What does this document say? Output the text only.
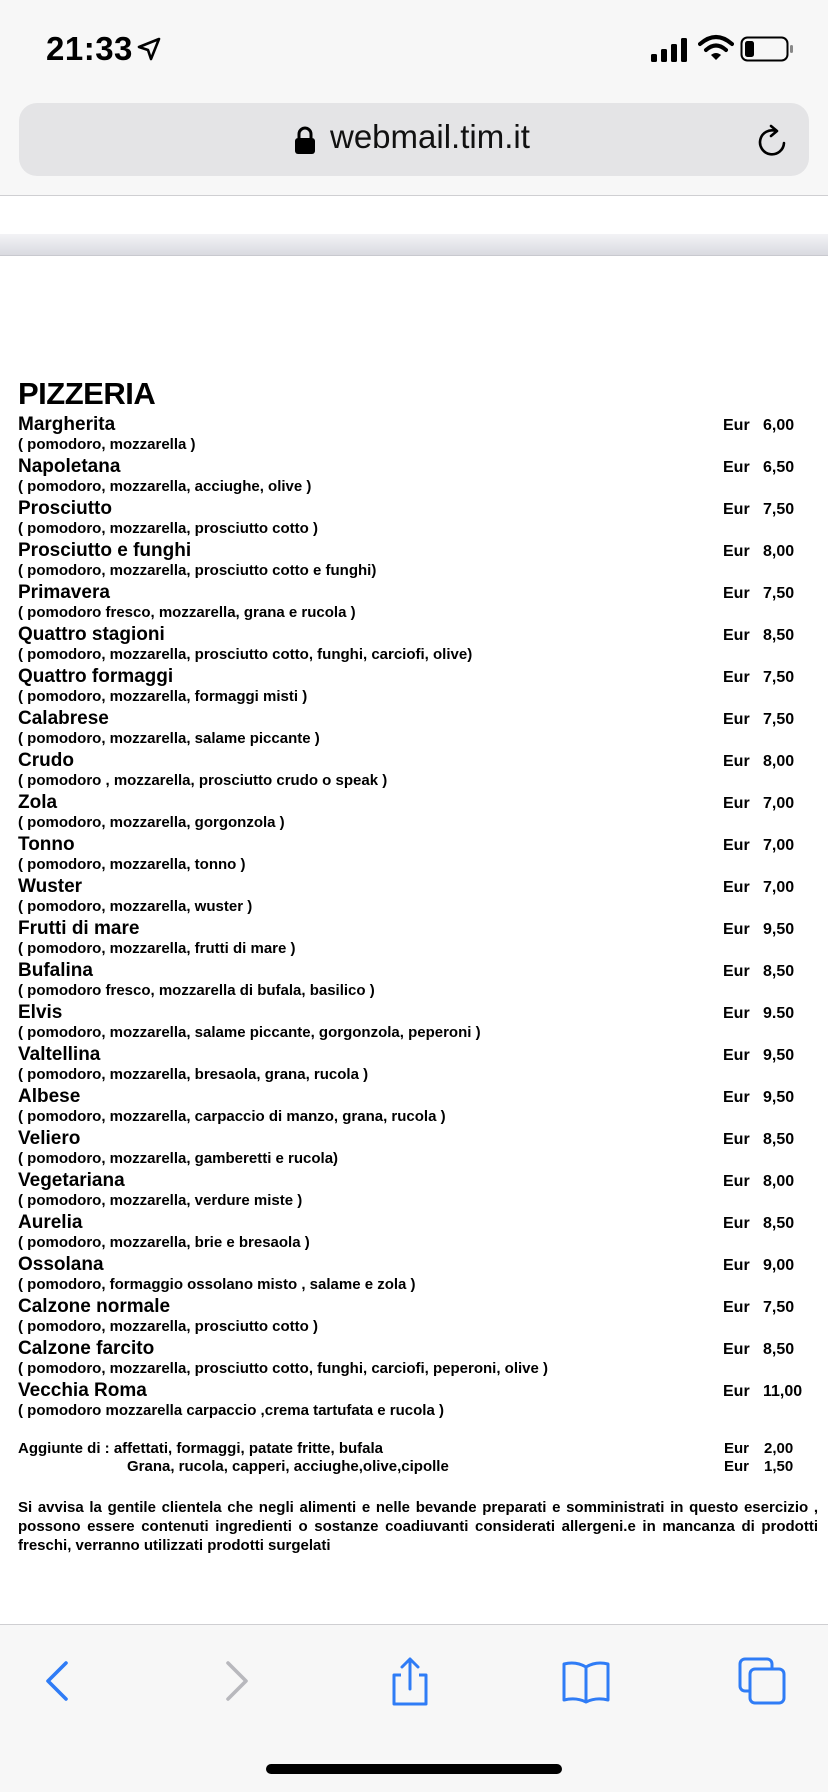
21:33
webmail.tim.it
PIZZERIA
Margherita
( pomodoro, mozzarella )
Eur 6,00
Napoletana
( pomodoro, mozzarella, acciughe, olive )
Eur 6,50
Prosciutto
( pomodoro, mozzarella, prosciutto cotto )
Eur 7,50
Prosciutto e funghi
( pomodoro, mozzarella, prosciutto cotto e funghi)
Eur 8,00
Primavera
( pomodoro fresco, mozzarella, grana e rucola )
Eur 7,50
Quattro stagioni
( pomodoro, mozzarella, prosciutto cotto, funghi, carciofi, olive)
Eur 8,50
Quattro formaggi
( pomodoro, mozzarella, formaggi misti )
Eur 7,50
Calabrese
( pomodoro, mozzarella, salame piccante )
Eur 7,50
Crudo
( pomodoro , mozzarella, prosciutto crudo o speak )
Eur 8,00
Zola
( pomodoro, mozzarella, gorgonzola )
Eur 7,00
Tonno
( pomodoro, mozzarella, tonno )
Eur 7,00
Wuster
( pomodoro, mozzarella, wuster )
Eur 7,00
Frutti di mare
( pomodoro, mozzarella, frutti di mare )
Eur 9,50
Bufalina
( pomodoro fresco, mozzarella di bufala, basilico )
Eur 8,50
Elvis
( pomodoro, mozzarella, salame piccante, gorgonzola, peperoni )
Eur 9.50
Valtellina
( pomodoro, mozzarella, bresaola, grana, rucola )
Eur 9,50
Albese
( pomodoro, mozzarella, carpaccio di manzo, grana, rucola )
Eur 9,50
Veliero
( pomodoro, mozzarella, gamberetti e rucola)
Eur 8,50
Vegetariana
( pomodoro, mozzarella, verdure miste )
Eur 8,00
Aurelia
( pomodoro, mozzarella, brie e bresaola )
Eur 8,50
Ossolana
( pomodoro, formaggio ossolano misto , salame e zola )
Eur 9,00
Calzone normale
( pomodoro, mozzarella, prosciutto cotto )
Eur 7,50
Calzone farcito
( pomodoro, mozzarella, prosciutto cotto, funghi, carciofi, peperoni, olive )
Eur 8,50
Vecchia Roma
( pomodoro mozzarella carpaccio ,crema tartufata e rucola )
Eur 11,00
Aggiunte di : affettati, formaggi, patate fritte, bufala	Eur 2,00
Grana, rucola, capperi, acciughe,olive,cipolle	Eur 1,50
Si avvisa la gentile clientela che negli alimenti e nelle bevande preparati e somministrati in questo esercizio , possono essere contenuti ingredienti o sostanze coadiuvanti considerati allergeni.e in mancanza di prodotti freschi, verranno utilizzati prodotti surgelati
